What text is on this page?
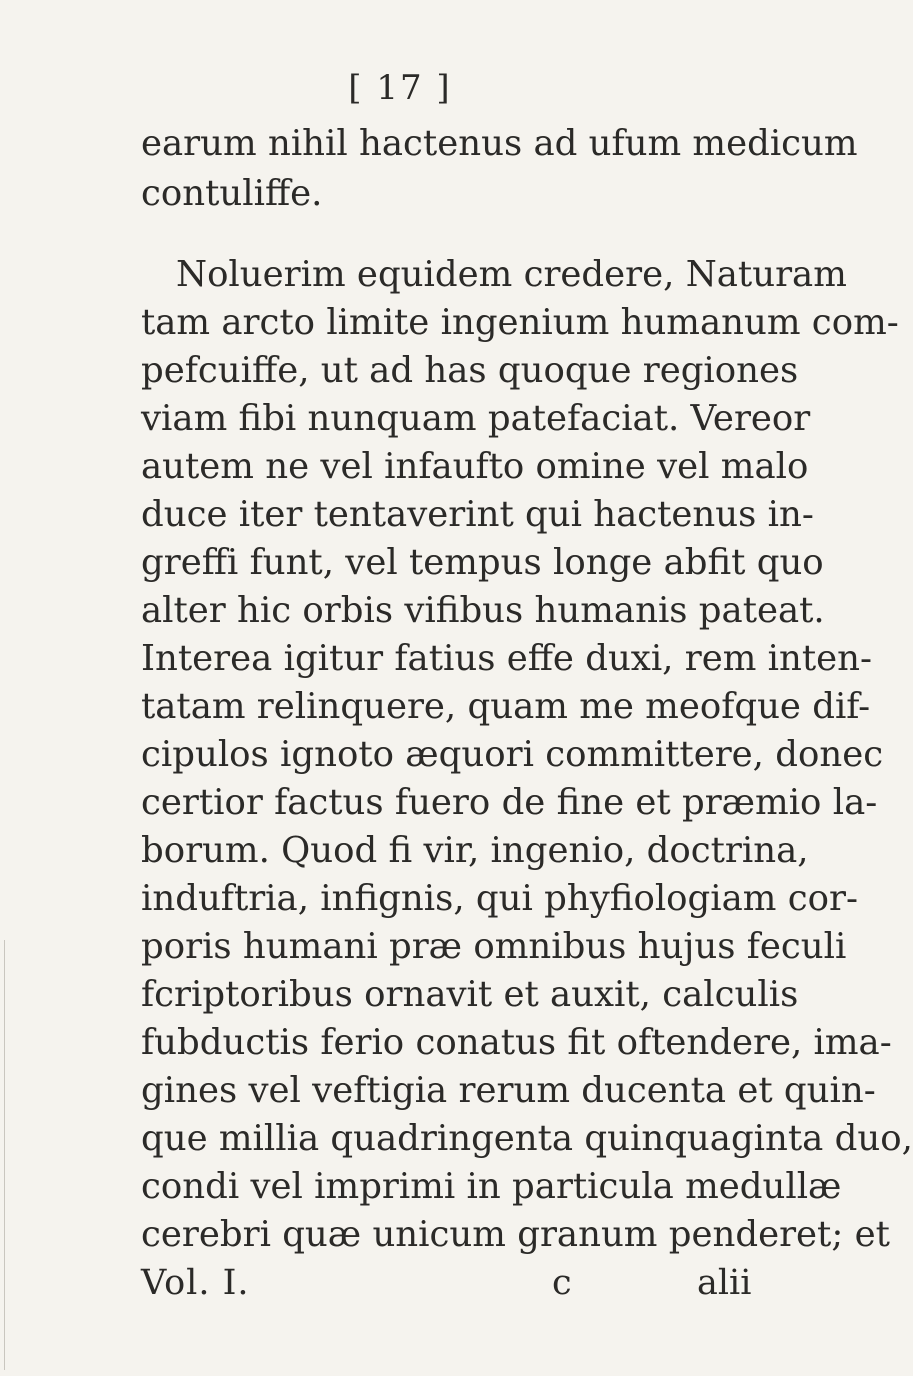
[ 17 ]
earum nihil hactenus ad ufum medicum
contuliffe.
Noluerim equidem credere, Naturam
tam arcto limite ingenium humanum com-
pefcuiffe, ut ad has quoque regiones
viam fibi nunquam patefaciat. Vereor
autem ne vel infaufto omine vel malo
duce iter tentaverint qui hactenus in-
greffi funt, vel tempus longe abfit quo
alter hic orbis vifibus humanis pateat.
Interea igitur fatius effe duxi, rem inten-
tatam relinquere, quam me meofque dif-
cipulos ignoto æquori committere, donec
certior factus fuero de fine et præmio la-
borum. Quod fi vir, ingenio, doctrina,
induftria, infignis, qui phyfiologiam cor-
poris humani præ omnibus hujus feculi
fcriptoribus ornavit et auxit, calculis
fubductis ferio conatus fit oftendere, ima-
gines vel veftigia rerum ducenta et quin-
que millia quadringenta quinquaginta duo,
condi vel imprimi in particula medullæ
cerebri quæ unicum granum penderet; et
Vol. I.	c	alii
